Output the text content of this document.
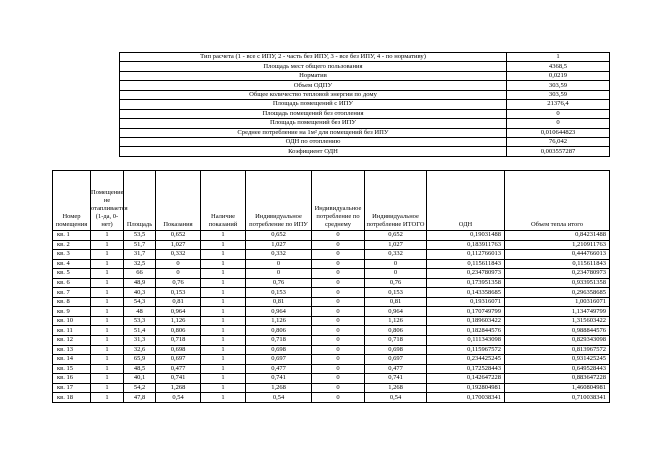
Тип расчета (1 - все с ИПУ, 2 - часть без ИПУ, 3 - все без ИПУ, 4 - по нормативу)	1
Площадь мест общего пользования	4368,5
Норматив	0,0219
Объем ОДПУ	303,59
Общее количество тепловой энергии по дому	303,59
Площадь помещений с ИПУ	21376,4
Площадь помещений без отопления	0
Площадь помещений без ИПУ	0
Среднее потребление на 1м² для помещений без ИПУ	0,010644823
ОДН по отоплению	76,042
Коэфициент ОДН	0,003557287
Номер помещения	Помещение не отапливается (1-да, 0-нет)	Площадь	Показания	Наличие показаний	Индивидуальное потребление по ИПУ	Индивидуальное потребление по среднему	Индивидуальное потребление ИТОГО	ОДН	Объем тепла итого
кв. 1	1	53,5	0,652	1	0,652	0	0,652	0,19031488	0,84231488
кв. 2	1	51,7	1,027	1	1,027	0	1,027	0,183911763	1,210911763
кв. 3	1	31,7	0,332	1	0,332	0	0,332	0,112766013	0,444766013
кв. 4	1	32,5	0	1	0	0	0	0,115611843	0,115611843
кв. 5	1	66	0	1	0	0	0	0,234780973	0,234780973
кв. 6	1	48,9	0,76	1	0,76	0	0,76	0,173951358	0,933951358
кв. 7	1	40,3	0,153	1	0,153	0	0,153	0,143358685	0,296358685
кв. 8	1	54,3	0,81	1	0,81	0	0,81	0,19316071	1,00316071
кв. 9	1	48	0,964	1	0,964	0	0,964	0,170749799	1,134749799
кв. 10	1	53,3	1,126	1	1,126	0	1,126	0,189603422	1,315603422
кв. 11	1	51,4	0,806	1	0,806	0	0,806	0,182844576	0,988844576
кв. 12	1	31,3	0,718	1	0,718	0	0,718	0,111343098	0,829343098
кв. 13	1	32,6	0,698	1	0,698	0	0,698	0,115967572	0,813967572
кв. 14	1	65,9	0,697	1	0,697	0	0,697	0,234425245	0,931425245
кв. 15	1	48,5	0,477	1	0,477	0	0,477	0,172528443	0,649528443
кв. 16	1	40,1	0,741	1	0,741	0	0,741	0,142647228	0,883647228
кв. 17	1	54,2	1,268	1	1,268	0	1,268	0,192804981	1,460804981
кв. 18	1	47,8	0,54	1	0,54	0	0,54	0,170038341	0,710038341
